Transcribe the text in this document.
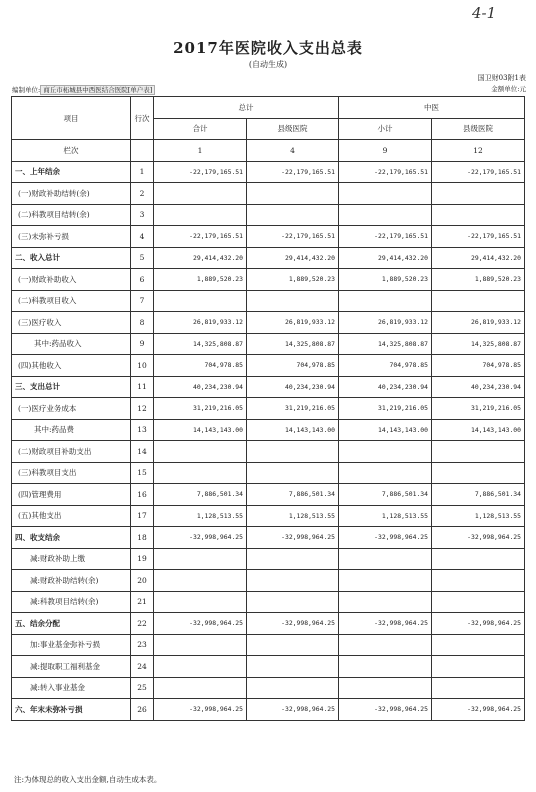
4-1
2017年医院收入支出总表
(自动生成)
国卫财03附1表
编制单位: 商丘市柘城县中西医结合医院[单户表]	金额单位:元
项目	行次	总计		中医	
		合计	县级医院	小计	县级医院
栏次		1	4	9	12
一、上年结余	1	-22,179,165.51	-22,179,165.51	-22,179,165.51	-22,179,165.51
(一)财政补助结转(余)	2				
(二)科教项目结转(余)	3				
(三)未弥补亏损	4	-22,179,165.51	-22,179,165.51	-22,179,165.51	-22,179,165.51
二、收入总计	5	29,414,432.20	29,414,432.20	29,414,432.20	29,414,432.20
(一)财政补助收入	6	1,889,520.23	1,889,520.23	1,889,520.23	1,889,520.23
(二)科教项目收入	7				
(三)医疗收入	8	26,819,933.12	26,819,933.12	26,819,933.12	26,819,933.12
其中:药品收入	9	14,325,808.87	14,325,808.87	14,325,808.87	14,325,808.87
(四)其他收入	10	704,978.85	704,978.85	704,978.85	704,978.85
三、支出总计	11	40,234,230.94	40,234,230.94	40,234,230.94	40,234,230.94
(一)医疗业务成本	12	31,219,216.05	31,219,216.05	31,219,216.05	31,219,216.05
其中:药品费	13	14,143,143.00	14,143,143.00	14,143,143.00	14,143,143.00
(二)财政项目补助支出	14				
(三)科教项目支出	15				
(四)管理费用	16	7,886,501.34	7,886,501.34	7,886,501.34	7,886,501.34
(五)其他支出	17	1,128,513.55	1,128,513.55	1,128,513.55	1,128,513.55
四、收支结余	18	-32,998,964.25	-32,998,964.25	-32,998,964.25	-32,998,964.25
减:财政补助上缴	19				
减:财政补助结转(余)	20				
减:科教项目结转(余)	21				
五、结余分配	22	-32,998,964.25	-32,998,964.25	-32,998,964.25	-32,998,964.25
加:事业基金弥补亏损	23				
减:提取职工福利基金	24				
减:转入事业基金	25				
六、年末未弥补亏损	26	-32,998,964.25	-32,998,964.25	-32,998,964.25	-32,998,964.25
注:为体现总的收入支出金额,自动生成本表。
